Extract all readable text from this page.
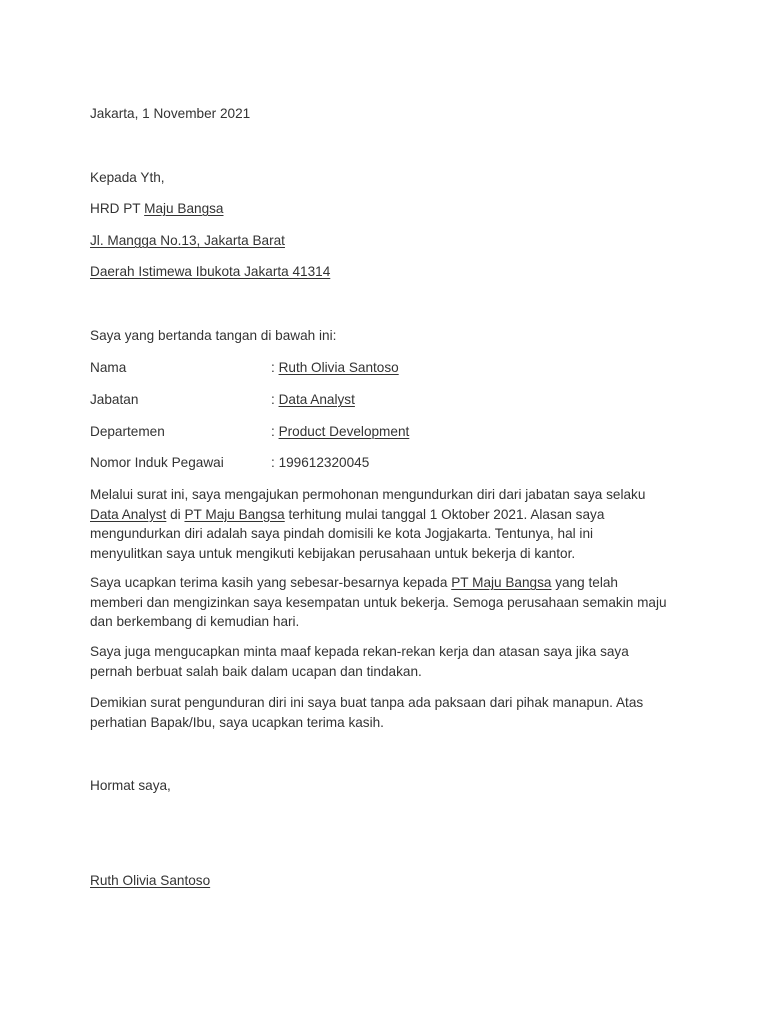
Jakarta, 1 November 2021
Kepada Yth,
HRD PT Maju Bangsa
Jl. Mangga No.13, Jakarta Barat
Daerah Istimewa Ibukota Jakarta 41314
Saya yang bertanda tangan di bawah ini:
Nama	: Ruth Olivia Santoso
Jabatan	: Data Analyst
Departemen	: Product Development
Nomor Induk Pegawai	: 199612320045
Melalui surat ini, saya mengajukan permohonan mengundurkan diri dari jabatan saya selaku
Data Analyst di PT Maju Bangsa terhitung mulai tanggal 1 Oktober 2021. Alasan saya
mengundurkan diri adalah saya pindah domisili ke kota Jogjakarta. Tentunya, hal ini
menyulitkan saya untuk mengikuti kebijakan perusahaan untuk bekerja di kantor.
Saya ucapkan terima kasih yang sebesar-besarnya kepada PT Maju Bangsa yang telah
memberi dan mengizinkan saya kesempatan untuk bekerja. Semoga perusahaan semakin maju
dan berkembang di kemudian hari.
Saya juga mengucapkan minta maaf kepada rekan-rekan kerja dan atasan saya jika saya
pernah berbuat salah baik dalam ucapan dan tindakan.
Demikian surat pengunduran diri ini saya buat tanpa ada paksaan dari pihak manapun. Atas
perhatian Bapak/Ibu, saya ucapkan terima kasih.
Hormat saya,
Ruth Olivia Santoso
